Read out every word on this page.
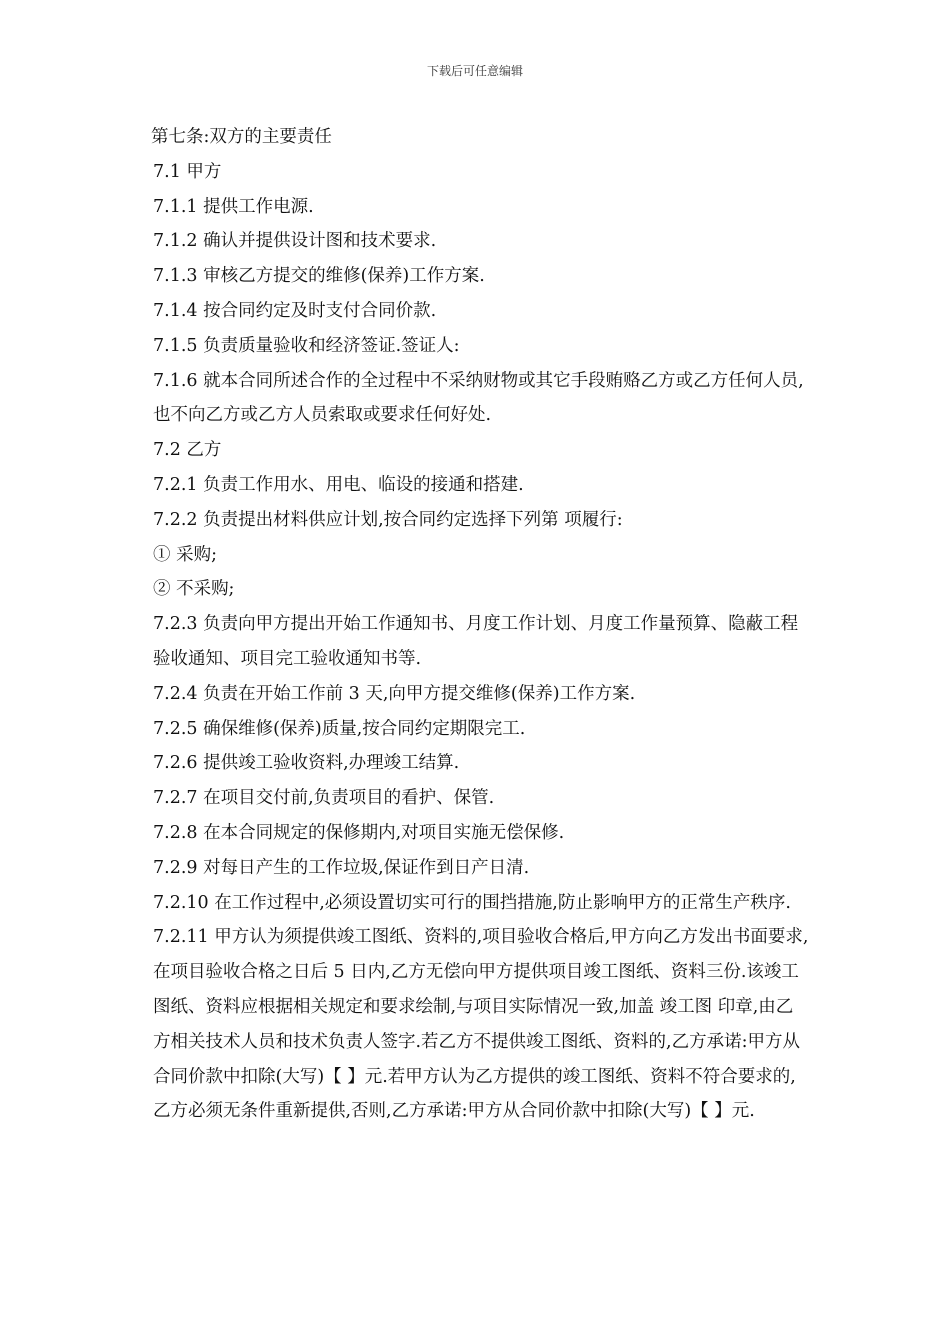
下载后可任意编辑

第七条:双方的主要责任

7.1 甲方

7.1.1 提供工作电源.

7.1.2 确认并提供设计图和技术要求.

7.1.3 审核乙方提交的维修(保养)工作方案.

7.1.4 按合同约定及时支付合同价款.

7.1.5 负责质量验收和经济签证.签证人:

7.1.6 就本合同所述合作的全过程中不采纳财物或其它手段贿赂乙方或乙方任何人员,也不向乙方或乙方人员索取或要求任何好处.

7.2 乙方

7.2.1 负责工作用水、用电、临设的接通和搭建.

7.2.2 负责提出材料供应计划,按合同约定选择下列第 项履行:

① 采购;

② 不采购;

7.2.3 负责向甲方提出开始工作通知书、月度工作计划、月度工作量预算、隐蔽工程验收通知、项目完工验收通知书等.

7.2.4 负责在开始工作前 3 天,向甲方提交维修(保养)工作方案.

7.2.5 确保维修(保养)质量,按合同约定期限完工.

7.2.6 提供竣工验收资料,办理竣工结算.

7.2.7 在项目交付前,负责项目的看护、保管.

7.2.8 在本合同规定的保修期内,对项目实施无偿保修.

7.2.9 对每日产生的工作垃圾,保证作到日产日清.

7.2.10 在工作过程中,必须设置切实可行的围挡措施,防止影响甲方的正常生产秩序.

7.2.11 甲方认为须提供竣工图纸、资料的,项目验收合格后,甲方向乙方发出书面要求,在项目验收合格之日后 5 日内,乙方无偿向甲方提供项目竣工图纸、资料三份.该竣工图纸、资料应根据相关规定和要求绘制,与项目实际情况一致,加盖 竣工图 印章,由乙方相关技术人员和技术负责人签字.若乙方不提供竣工图纸、资料的,乙方承诺:甲方从合同价款中扣除(大写)【 】元.若甲方认为乙方提供的竣工图纸、资料不符合要求的,乙方必须无条件重新提供,否则,乙方承诺:甲方从合同价款中扣除(大写)【 】元.
